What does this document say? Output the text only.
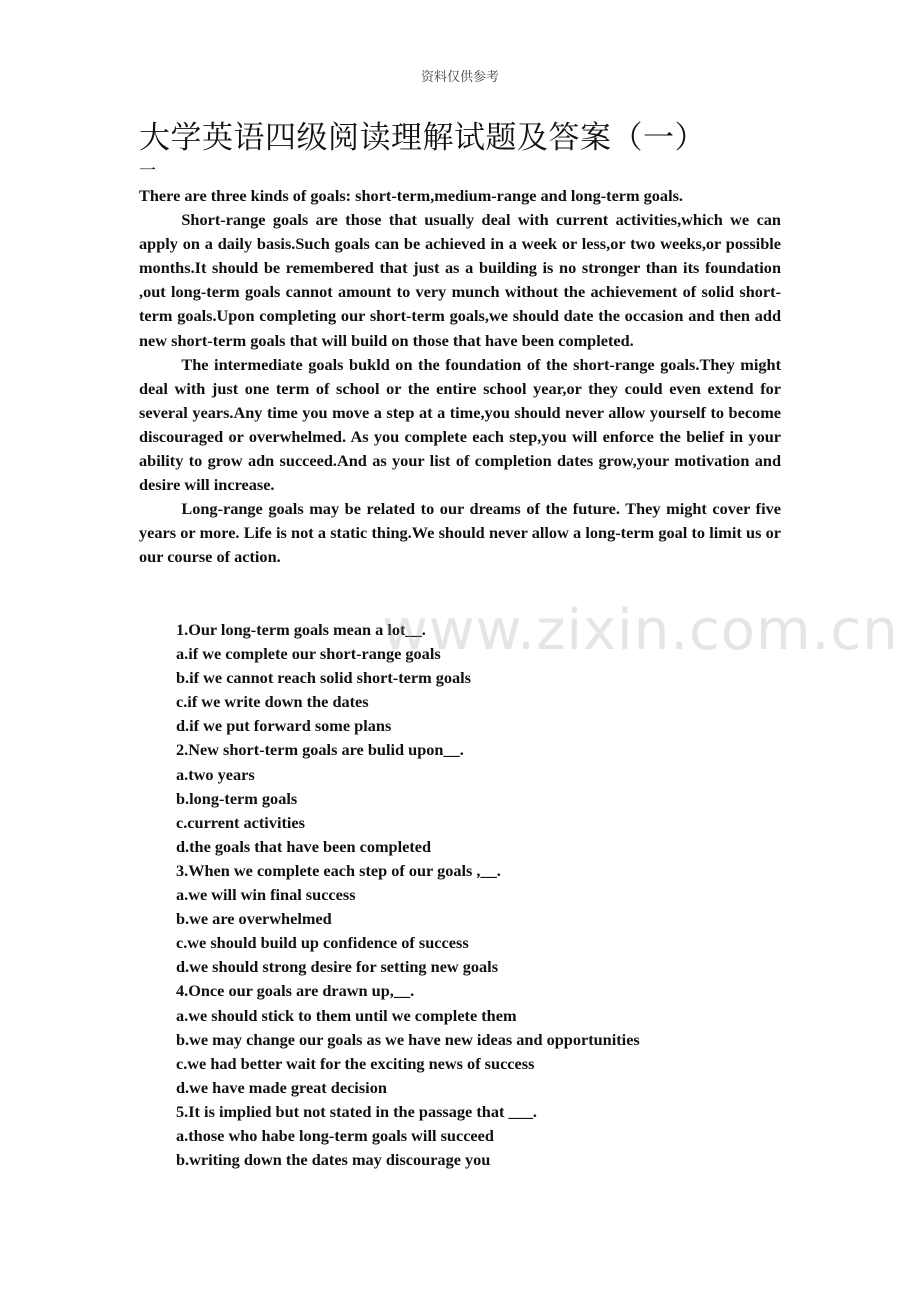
资料仅供参考
大学英语四级阅读理解试题及答案（一）
一

There are three kinds of goals: short-term,medium-range and long-term goals.

Short-range goals are those that usually deal with current activities,which we can apply on a daily basis.Such goals can be achieved in a week or less,or two weeks,or possible months.It should be remembered that just as a building is no stronger than its foundation ,out long-term goals cannot amount to very munch without the achievement of solid short-term goals.Upon completing our short-term goals,we should date the occasion and then add new short-term goals that will build on those that have been completed.

The intermediate goals bukld on the foundation of the short-range goals.They might deal with just one term of school or the entire school year,or they could even extend for several years.Any time you move a step at a time,you should never allow yourself to become discouraged or overwhelmed. As you complete each step,you will enforce the belief in your ability to grow adn succeed.And as your list of completion dates grow,your motivation and desire will increase.

Long-range goals may be related to our dreams of the future. They might cover five years or more. Life is not a static thing.We should never allow a long-term goal to limit us or our course of action.

1.Our long-term goals mean a lot__.
a.if we complete our short-range goals
b.if we cannot reach solid short-term goals
c.if we write down the dates
d.if we put forward some plans
2.New short-term goals are bulid upon__.
a.two years
b.long-term goals
c.current activities
d.the goals that have been completed
3.When we complete each step of our goals ,__.
a.we will win final success
b.we are overwhelmed
c.we should build up confidence of success
d.we should strong desire for setting new goals
4.Once our goals are drawn up,__.
a.we should stick to them until we complete them
b.we may change our goals as we have new ideas and opportunities
c.we had better wait for the exciting news of success
d.we have made great decision
5.It is implied but not stated in the passage that ___.
a.those who habe long-term goals will succeed
b.writing down the dates may discourage you
www.zixin.com.cn
